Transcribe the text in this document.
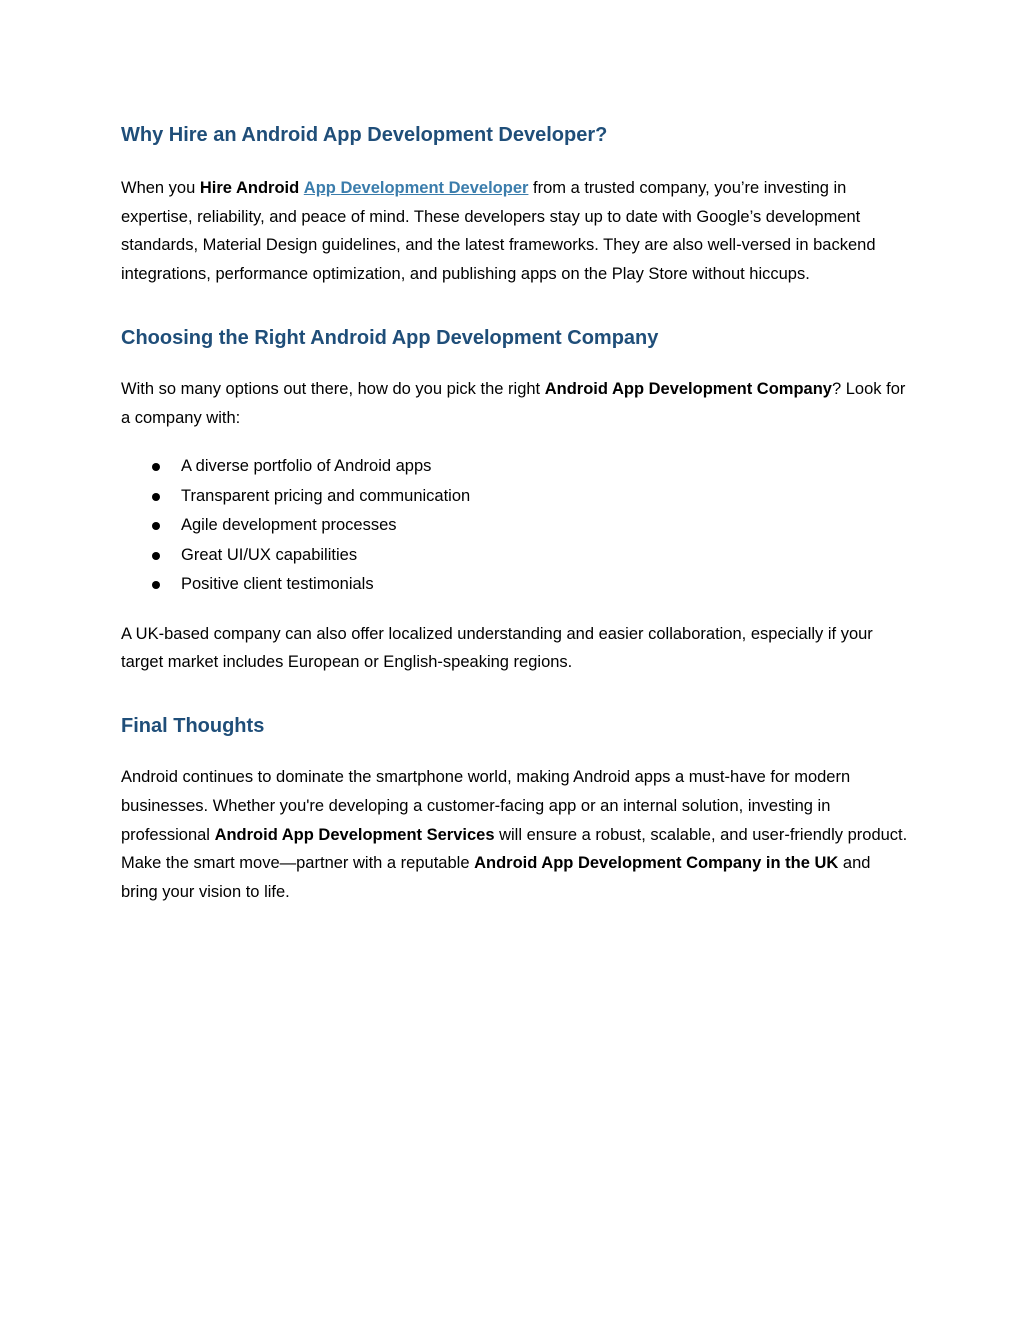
Why Hire an Android App Development Developer?

When you Hire Android App Development Developer from a trusted company, you’re investing in expertise, reliability, and peace of mind. These developers stay up to date with Google’s development standards, Material Design guidelines, and the latest frameworks. They are also well-versed in backend integrations, performance optimization, and publishing apps on the Play Store without hiccups.

Choosing the Right Android App Development Company

With so many options out there, how do you pick the right Android App Development Company? Look for a company with:

A diverse portfolio of Android apps
Transparent pricing and communication
Agile development processes
Great UI/UX capabilities
Positive client testimonials

A UK-based company can also offer localized understanding and easier collaboration, especially if your target market includes European or English-speaking regions.

Final Thoughts

Android continues to dominate the smartphone world, making Android apps a must-have for modern businesses. Whether you're developing a customer-facing app or an internal solution, investing in professional Android App Development Services will ensure a robust, scalable, and user-friendly product. Make the smart move—partner with a reputable Android App Development Company in the UK and bring your vision to life.
